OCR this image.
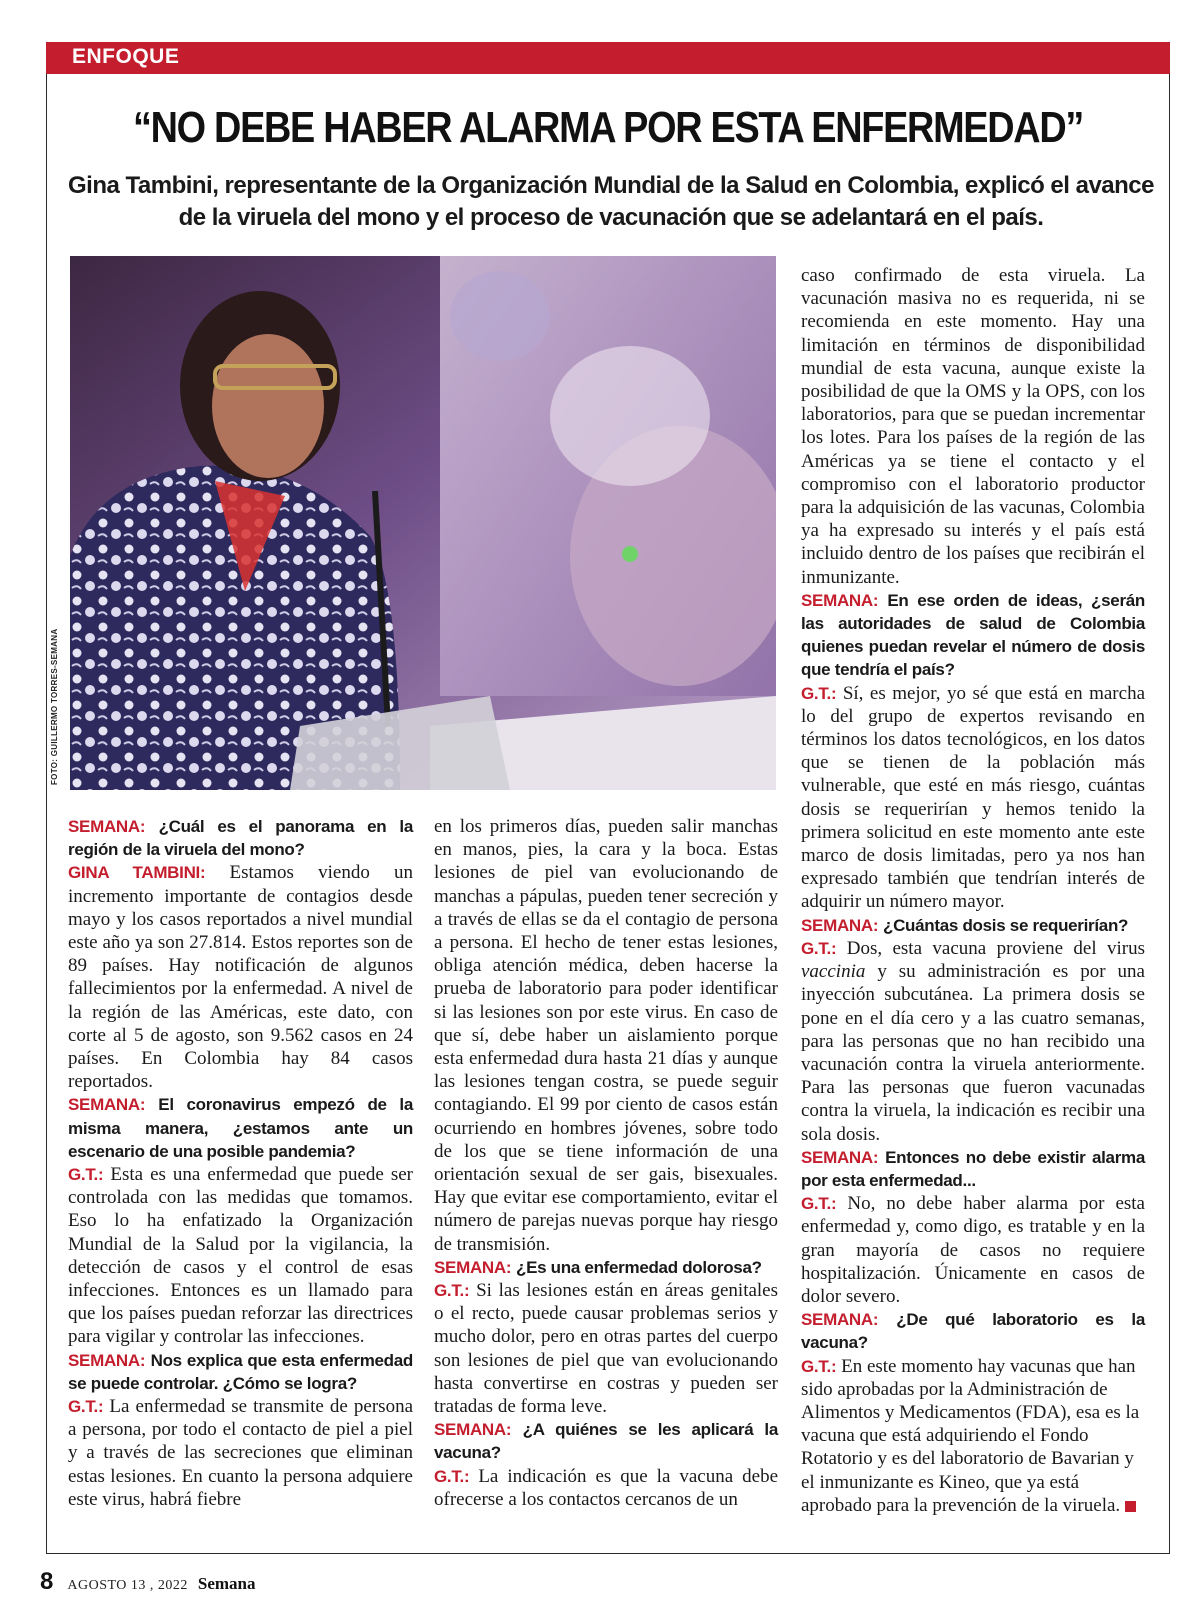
ENFOQUE
“NO DEBE HABER ALARMA POR ESTA ENFERMEDAD”

Gina Tambini, representante de la Organización Mundial de la Salud en Colombia, explicó el avance de la viruela del mono y el proceso de vacunación que se adelantará en el país.

FOTO: GUILLERMO TORRES-SEMANA

SEMANA: ¿Cuál es el panorama en la región de la viruela del mono?

GINA TAMBINI: Estamos viendo un incremento importante de contagios desde mayo y los casos reportados a nivel mundial este año ya son 27.814. Estos reportes son de 89 países. Hay notificación de algunos fallecimientos por la enfermedad. A nivel de la región de las Américas, este dato, con corte al 5 de agosto, son 9.562 casos en 24 países. En Colombia hay 84 casos reportados.

SEMANA: El coronavirus empezó de la misma manera, ¿estamos ante un escenario de una posible pandemia?

G.T.: Esta es una enfermedad que puede ser controlada con las medidas que tomamos. Eso lo ha enfatizado la Organización Mundial de la Salud por la vigilancia, la detección de casos y el control de esas infecciones. Entonces es un llamado para que los países puedan reforzar las directrices para vigilar y controlar las infecciones.

SEMANA: Nos explica que esta enfermedad se puede controlar. ¿Cómo se logra?

G.T.: La enfermedad se transmite de persona a persona, por todo el contacto de piel a piel y a través de las secreciones que eliminan estas lesiones. En cuanto la persona adquiere este virus, habrá fiebre

en los primeros días, pueden salir manchas en manos, pies, la cara y la boca. Estas lesiones de piel van evolucionando de manchas a pápulas, pueden tener secreción y a través de ellas se da el contagio de persona a persona. El hecho de tener estas lesiones, obliga atención médica, deben hacerse la prueba de laboratorio para poder identificar si las lesiones son por este virus. En caso de que sí, debe haber un aislamiento porque esta enfermedad dura hasta 21 días y aunque las lesiones tengan costra, se puede seguir contagiando. El 99 por ciento de casos están ocurriendo en hombres jóvenes, sobre todo de los que se tiene información de una orientación sexual de ser gais, bisexuales. Hay que evitar ese comportamiento, evitar el número de parejas nuevas porque hay riesgo de transmisión.

SEMANA: ¿Es una enfermedad dolorosa?

G.T.: Si las lesiones están en áreas genitales o el recto, puede causar problemas serios y mucho dolor, pero en otras partes del cuerpo son lesiones de piel que van evolucionando hasta convertirse en costras y pueden ser tratadas de forma leve.

SEMANA: ¿A quiénes se les aplicará la vacuna?

G.T.: La indicación es que la vacuna debe ofrecerse a los contactos cercanos de un

caso confirmado de esta viruela. La vacunación masiva no es requerida, ni se recomienda en este momento. Hay una limitación en términos de disponibilidad mundial de esta vacuna, aunque existe la posibilidad de que la OMS y la OPS, con los laboratorios, para que se puedan incrementar los lotes. Para los países de la región de las Américas ya se tiene el contacto y el compromiso con el laboratorio productor para la adquisición de las vacunas, Colombia ya ha expresado su interés y el país está incluido dentro de los países que recibirán el inmunizante.

SEMANA: En ese orden de ideas, ¿serán las autoridades de salud de Colombia quienes puedan revelar el número de dosis que tendría el país?

G.T.: Sí, es mejor, yo sé que está en marcha lo del grupo de expertos revisando en términos los datos tecnológicos, en los datos que se tienen de la población más vulnerable, que esté en más riesgo, cuántas dosis se requerirían y hemos tenido la primera solicitud en este momento ante este marco de dosis limitadas, pero ya nos han expresado también que tendrían interés de adquirir un número mayor.

SEMANA: ¿Cuántas dosis se requerirían?

G.T.: Dos, esta vacuna proviene del virus vaccinia y su administración es por una inyección subcutánea. La primera dosis se pone en el día cero y a las cuatro semanas, para las personas que no han recibido una vacunación contra la viruela anteriormente. Para las personas que fueron vacunadas contra la viruela, la indicación es recibir una sola dosis.

SEMANA: Entonces no debe existir alarma por esta enfermedad...

G.T.: No, no debe haber alarma por esta enfermedad y, como digo, es tratable y en la gran mayoría de casos no requiere hospitalización. Únicamente en casos de dolor severo.

SEMANA: ¿De qué laboratorio es la vacuna?

G.T.: En este momento hay vacunas que han sido aprobadas por la Administración de Alimentos y Medicamentos (FDA), esa es la vacuna que está adquiriendo el Fondo Rotatorio y es del laboratorio de Bavarian y el inmunizante es Kineo, que ya está aprobado para la prevención de la viruela.

8 AGOSTO 13 , 2022 Semana
